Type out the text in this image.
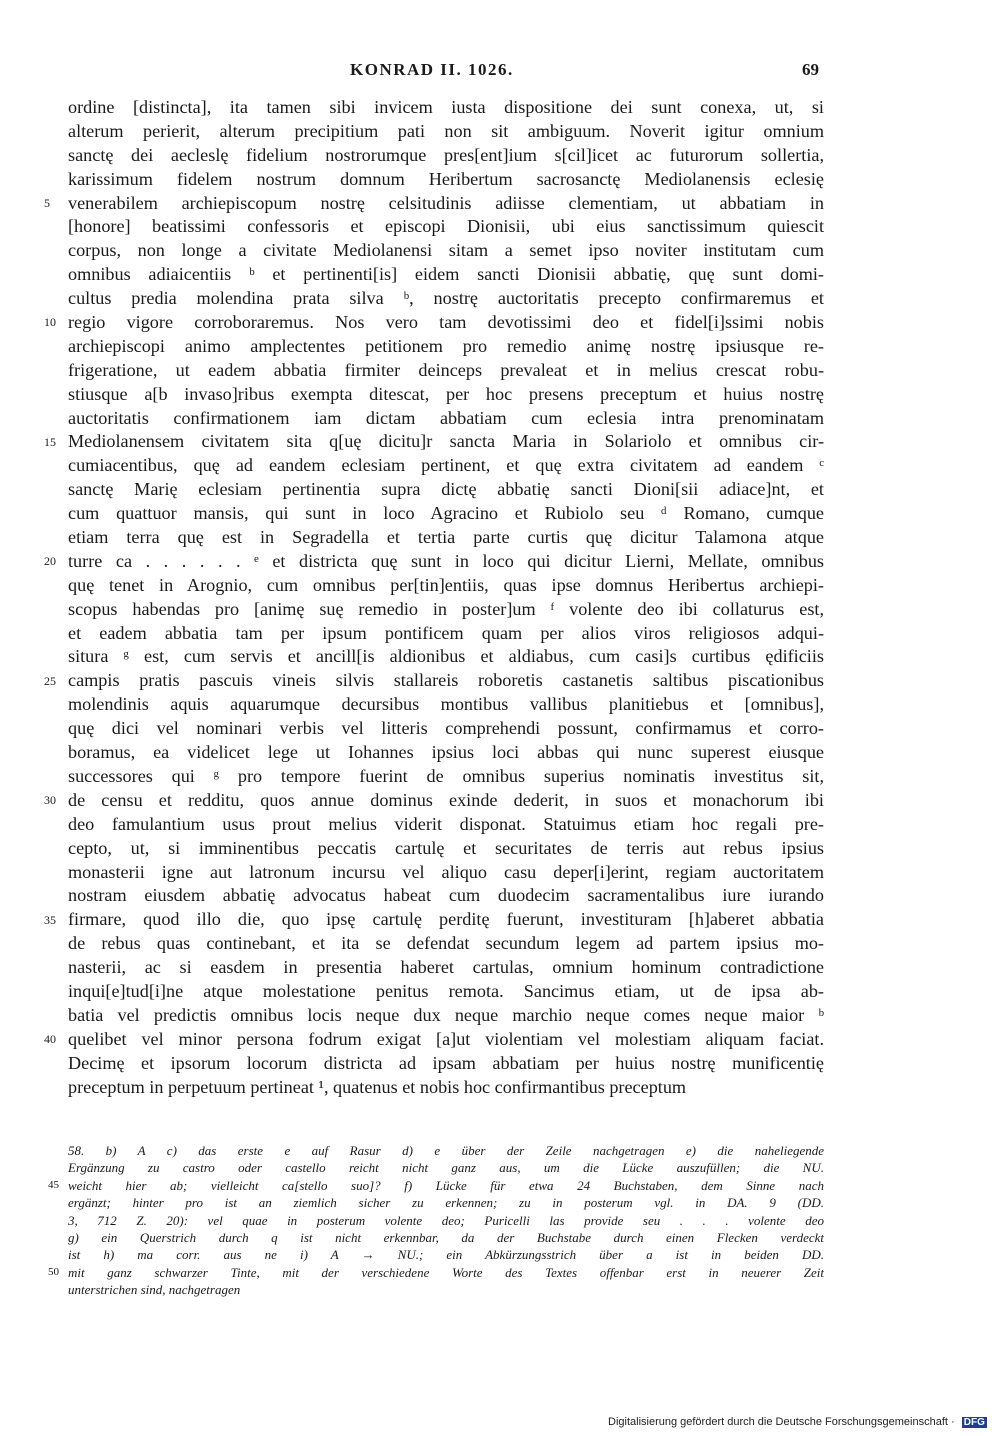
KONRAD II. 1026.	69
5
10
15
20
25
30
35
40
ordine [distincta], ita tamen sibi invicem iusta dispositione dei sunt conexa, ut, si
alterum perierit, alterum precipitium pati non sit ambiguum. Noverit igitur omnium
sanctę dei aecleslę fidelium nostrorumque pres[ent]ium s[cil]icet ac futurorum sollertia,
karissimum fidelem nostrum domnum Heribertum sacrosanctę Mediolanensis eclesię
venerabilem archiepiscopum nostrę celsitudinis adiisse clementiam, ut abbatiam in
[honore] beatissimi confessoris et episcopi Dionisii, ubi eius sanctissimum quiescit
corpus, non longe a civitate Mediolanensi sitam a semet ipso noviter institutam cum
omnibus adiaicentiis ᵇ et pertinenti[is] eidem sancti Dionisii abbatię, quę sunt domi-
cultus predia molendina prata silva ᵇ, nostrę auctoritatis precepto confirmaremus et
regio vigore corroboraremus. Nos vero tam devotissimi deo et fidel[i]ssimi nobis
archiepiscopi animo amplectentes petitionem pro remedio animę nostrę ipsiusque re-
frigeratione, ut eadem abbatia firmiter deinceps prevaleat et in melius crescat robu-
stiusque a[b invaso]ribus exempta ditescat, per hoc presens preceptum et huius nostrę
auctoritatis confirmationem iam dictam abbatiam cum eclesia intra prenominatam
Mediolanensem civitatem sita q[uę dicitu]r sancta Maria in Solariolo et omnibus cir-
cumiacentibus, quę ad eandem eclesiam pertinent, et quę extra civitatem ad eandem ᶜ
sanctę Marię eclesiam pertinentia supra dictę abbatię sancti Dioni[sii adiace]nt, et
cum quattuor mansis, qui sunt in loco Agracino et Rubiolo seu ᵈ Romano, cumque
etiam terra quę est in Segradella et tertia parte curtis quę dicitur Talamona atque
turre ca . . . . . . ᵉ et districta quę sunt in loco qui dicitur Lierni, Mellate, omnibus
quę tenet in Arognio, cum omnibus per[tin]entiis, quas ipse domnus Heribertus archiepi-
scopus habendas pro [animę suę remedio in poster]um ᶠ volente deo ibi collaturus est,
et eadem abbatia tam per ipsum pontificem quam per alios viros religiosos adqui-
situra ᵍ est, cum servis et ancill[is aldionibus et aldiabus, cum casi]s curtibus ędificiis
campis pratis pascuis vineis silvis stallareis roboretis castanetis saltibus piscationibus
molendinis aquis aquarumque decursibus montibus vallibus planitiebus et [omnibus],
quę dici vel nominari verbis vel litteris comprehendi possunt, confirmamus et corro-
boramus, ea videlicet lege ut Iohannes ipsius loci abbas qui nunc superest eiusque
successores qui ᵍ pro tempore fuerint de omnibus superius nominatis investitus sit,
de censu et redditu, quos annue dominus exinde dederit, in suos et monachorum ibi
deo famulantium usus prout melius viderit disponat. Statuimus etiam hoc regali pre-
cepto, ut, si imminentibus peccatis cartulę et securitates de terris aut rebus ipsius
monasterii igne aut latronum incursu vel aliquo casu deper[i]erint, regiam auctoritatem
nostram eiusdem abbatię advocatus habeat cum duodecim sacramentalibus iure iurando
firmare, quod illo die, quo ipsę cartulę perditę fuerunt, investituram [h]aberet abbatia
de rebus quas continebant, et ita se defendat secundum legem ad partem ipsius mo-
nasterii, ac si easdem in presentia haberet cartulas, omnium hominum contradictione
inqui[e]tud[i]ne atque molestatione penitus remota. Sancimus etiam, ut de ipsa ab-
batia vel predictis omnibus locis neque dux neque marchio neque comes neque maior ᵇ
quelibet vel minor persona fodrum exigat [a]ut violentiam vel molestiam aliquam faciat.
Decimę et ipsorum locorum districta ad ipsam abbatiam per huius nostrę munificentię
preceptum in perpetuum pertineat ¹, quatenus et nobis hoc confirmantibus preceptum
45
50
58. b) A c) das erste e auf Rasur d) e über der Zeile nachgetragen e) die naheliegende
Ergänzung zu castro oder castello reicht nicht ganz aus, um die Lücke auszufüllen; die NU.
weicht hier ab; vielleicht ca[stello suo]? f) Lücke für etwa 24 Buchstaben, dem Sinne nach
ergänzt; hinter pro ist an ziemlich sicher zu erkennen; zu in posterum vgl. in DA. 9 (DD.
3, 712 Z. 20): vel quae in posterum volente deo; Puricelli las provide seu . . . volente deo
g) ein Querstrich durch q ist nicht erkennbar, da der Buchstabe durch einen Flecken verdeckt
ist h) ma corr. aus ne i) A → NU.; ein Abkürzungsstrich über a ist in beiden DD.
mit ganz schwarzer Tinte, mit der verschiedene Worte des Textes offenbar erst in neuerer Zeit
unterstrichen sind, nachgetragen
Digitalisierung gefördert durch die Deutsche Forschungsgemeinschaft · DFG
